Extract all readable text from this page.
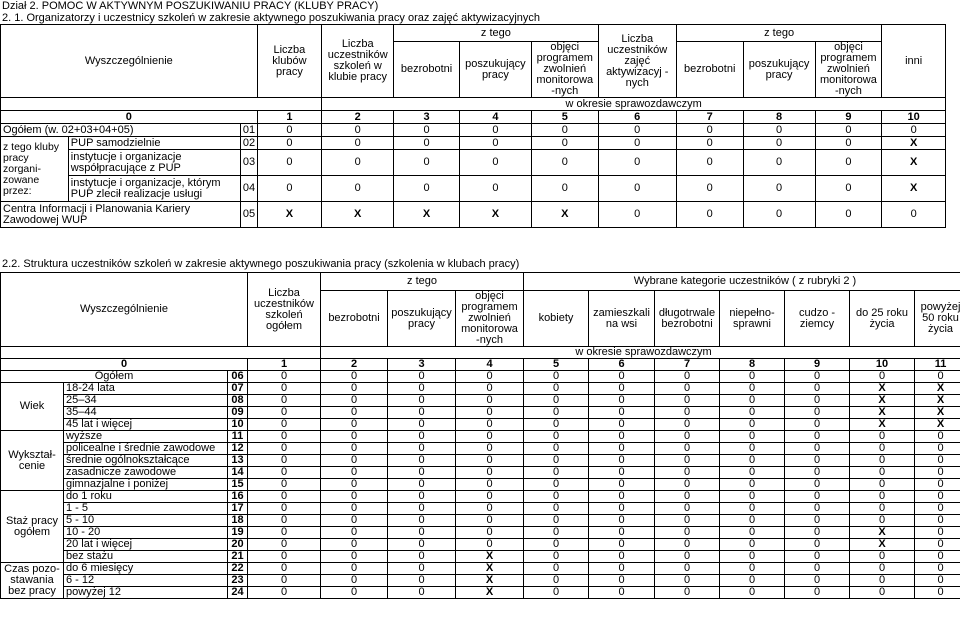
Dział 2. POMOC W AKTYWNYM POSZUKIWANIU PRACY (KLUBY PRACY)
2. 1. Organizatorzy i uczestnicy szkoleń w zakresie aktywnego poszukiwania pracy oraz zajęć aktywizacyjnych
Wyszczególnienie			Liczba klubów pracy	Liczba uczestników szkoleń w klubie pracy	z tego			Liczba uczestników zajęć aktywizacyj -nych	z tego			inni
					bezrobotni	poszukujący pracy	objęci programem zwolnień monitorowa -nych		bezrobotni	poszukujący pracy	objęci programem zwolnień monitorowa -nych	

				w okresie sprawozdawczym								
0			1	2	3	4	5	6	7	8	9	10
Ogółem (w. 02+03+04+05)		01	0	0	0	0	0	0	0	0	0	0
z tego kluby pracy zorgani- zowane przez:	PUP samodzielnie	02	0	0	0	0	0	0	0	0	0	X
	instytucje i organizacje współpracujące z PUP	03	0	0	0	0	0	0	0	0	0	X
	instytucje i organizacje, którym PUP zlecił realizacje usługi	04	0	0	0	0	0	0	0	0	0	X
Centra Informacji i Planowania Kariery Zawodowej WUP		05	X	X	X	X	X	0	0	0	0	0
2.2. Struktura uczestników szkoleń w zakresie aktywnego poszukiwania pracy (szkolenia w klubach pracy)
Wyszczególnienie			Liczba uczestników szkoleń ogółem	z tego			Wybrane kategorie uczestników ( z rubryki 2 )						
				bezrobotni	poszukujący pracy	objęci programem zwolnień monitorowa -nych	kobiety	zamieszkali na wsi	długotrwale bezrobotni	niepełno- sprawni	cudzo -ziemcy	do 25 roku życia	powyżej 50 roku życia
				w okresie sprawozdawczym									
0			1	2	3	4	5	6	7	8	9	10	11
Ogółem		06	0	0	0	0	0	0	0	0	0	0	0
Wiek	18-24 lata	07	0	0	0	0	0	0	0	0	0	X	X
	25–34	08	0	0	0	0	0	0	0	0	0	X	X
	35–44	09	0	0	0	0	0	0	0	0	0	X	X
	45 lat i więcej	10	0	0	0	0	0	0	0	0	0	X	X
Wykształ- cenie	wyższe	11	0	0	0	0	0	0	0	0	0	0	0
	policealne i średnie zawodowe	12	0	0	0	0	0	0	0	0	0	0	0
	średnie ogólnokształcące	13	0	0	0	0	0	0	0	0	0	0	0
	zasadnicze zawodowe	14	0	0	0	0	0	0	0	0	0	0	0
	gimnazjalne i poniżej	15	0	0	0	0	0	0	0	0	0	0	0
Staż pracy ogółem	do 1 roku	16	0	0	0	0	0	0	0	0	0	0	0
	1 - 5	17	0	0	0	0	0	0	0	0	0	0	0
	5 - 10	18	0	0	0	0	0	0	0	0	0	0	0
	10 - 20	19	0	0	0	0	0	0	0	0	0	X	0
	20 lat i więcej	20	0	0	0	0	0	0	0	0	0	X	0
	bez stażu	21	0	0	0	X	0	0	0	0	0	0	0
Czas pozo- stawania bez pracy	do 6 miesięcy	22	0	0	0	X	0	0	0	0	0	0	0
	6 - 12	23	0	0	0	X	0	0	0	0	0	0	0
	powyżej 12	24	0	0	0	X	0	0	0	0	0	0	0
